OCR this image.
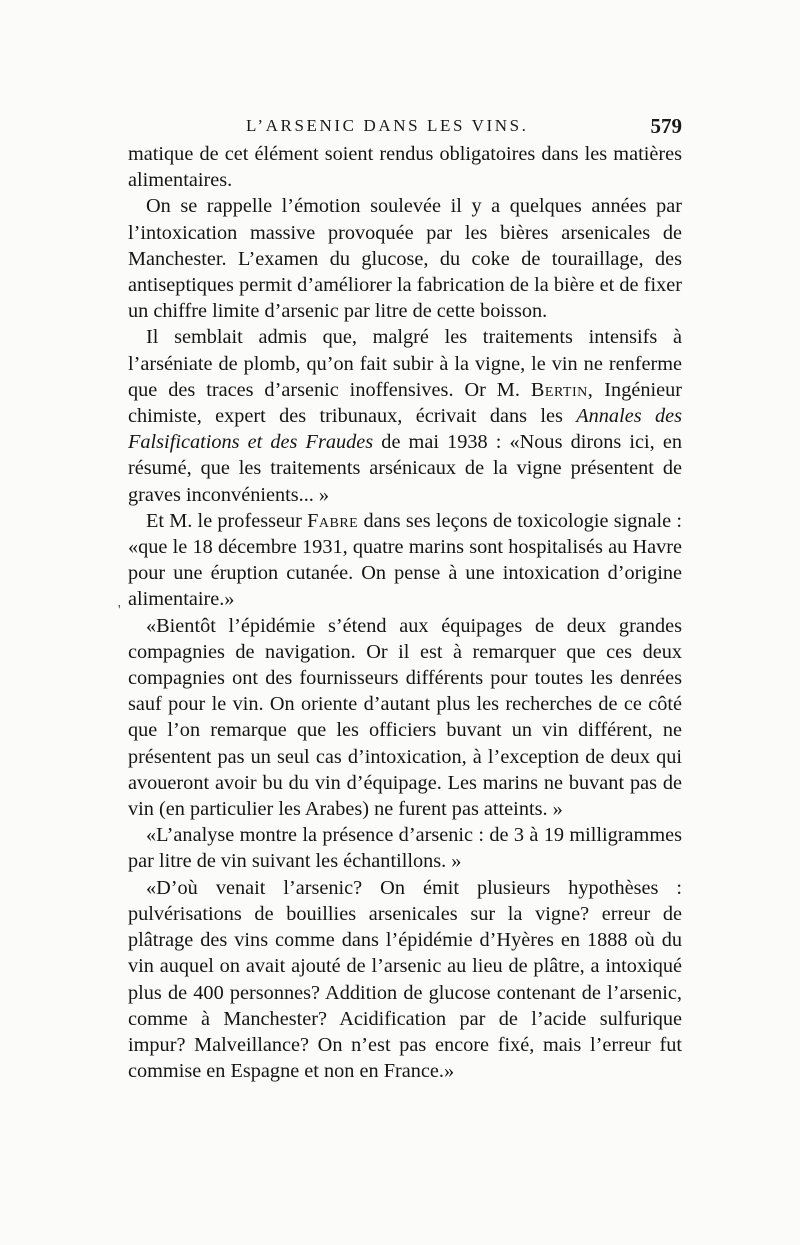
L’ARSENIC DANS LES VINS.	579
'

matique de cet élément soient rendus obligatoires dans les matières alimentaires.

On se rappelle l’émotion soulevée il y a quelques années par l’intoxication massive provoquée par les bières arsenicales de Manchester. L’examen du glucose, du coke de touraillage, des antiseptiques permit d’améliorer la fabrication de la bière et de fixer un chiffre limite d’arsenic par litre de cette boisson.

Il semblait admis que, malgré les traitements intensifs à l’arséniate de plomb, qu’on fait subir à la vigne, le vin ne renferme que des traces d’arsenic inoffensives. Or M. Bertin, Ingénieur chimiste, expert des tribunaux, écrivait dans les Annales des Falsifications et des Fraudes de mai 1938 : «Nous dirons ici, en résumé, que les traitements arsénicaux de la vigne présentent de graves inconvénients... »

Et M. le professeur Fabre dans ses leçons de toxicologie signale : «que le 18 décembre 1931, quatre marins sont hospitalisés au Havre pour une éruption cutanée. On pense à une intoxication d’origine alimentaire.»

«Bientôt l’épidémie s’étend aux équipages de deux grandes compagnies de navigation. Or il est à remarquer que ces deux compagnies ont des fournisseurs différents pour toutes les denrées sauf pour le vin. On oriente d’autant plus les recherches de ce côté que l’on remarque que les officiers buvant un vin différent, ne présentent pas un seul cas d’intoxication, à l’exception de deux qui avoueront avoir bu du vin d’équipage. Les marins ne buvant pas de vin (en particulier les Arabes) ne furent pas atteints. »

«L’analyse montre la présence d’arsenic : de 3 à 19 milligrammes par litre de vin suivant les échantillons. »

«D’où venait l’arsenic? On émit plusieurs hypothèses : pulvérisations de bouillies arsenicales sur la vigne? erreur de plâtrage des vins comme dans l’épidémie d’Hyères en 1888 où du vin auquel on avait ajouté de l’arsenic au lieu de plâtre, a intoxiqué plus de 400 personnes? Addition de glucose contenant de l’arsenic, comme à Manchester? Acidification par de l’acide sulfurique impur? Malveillance? On n’est pas encore fixé, mais l’erreur fut commise en Espagne et non en France.»
